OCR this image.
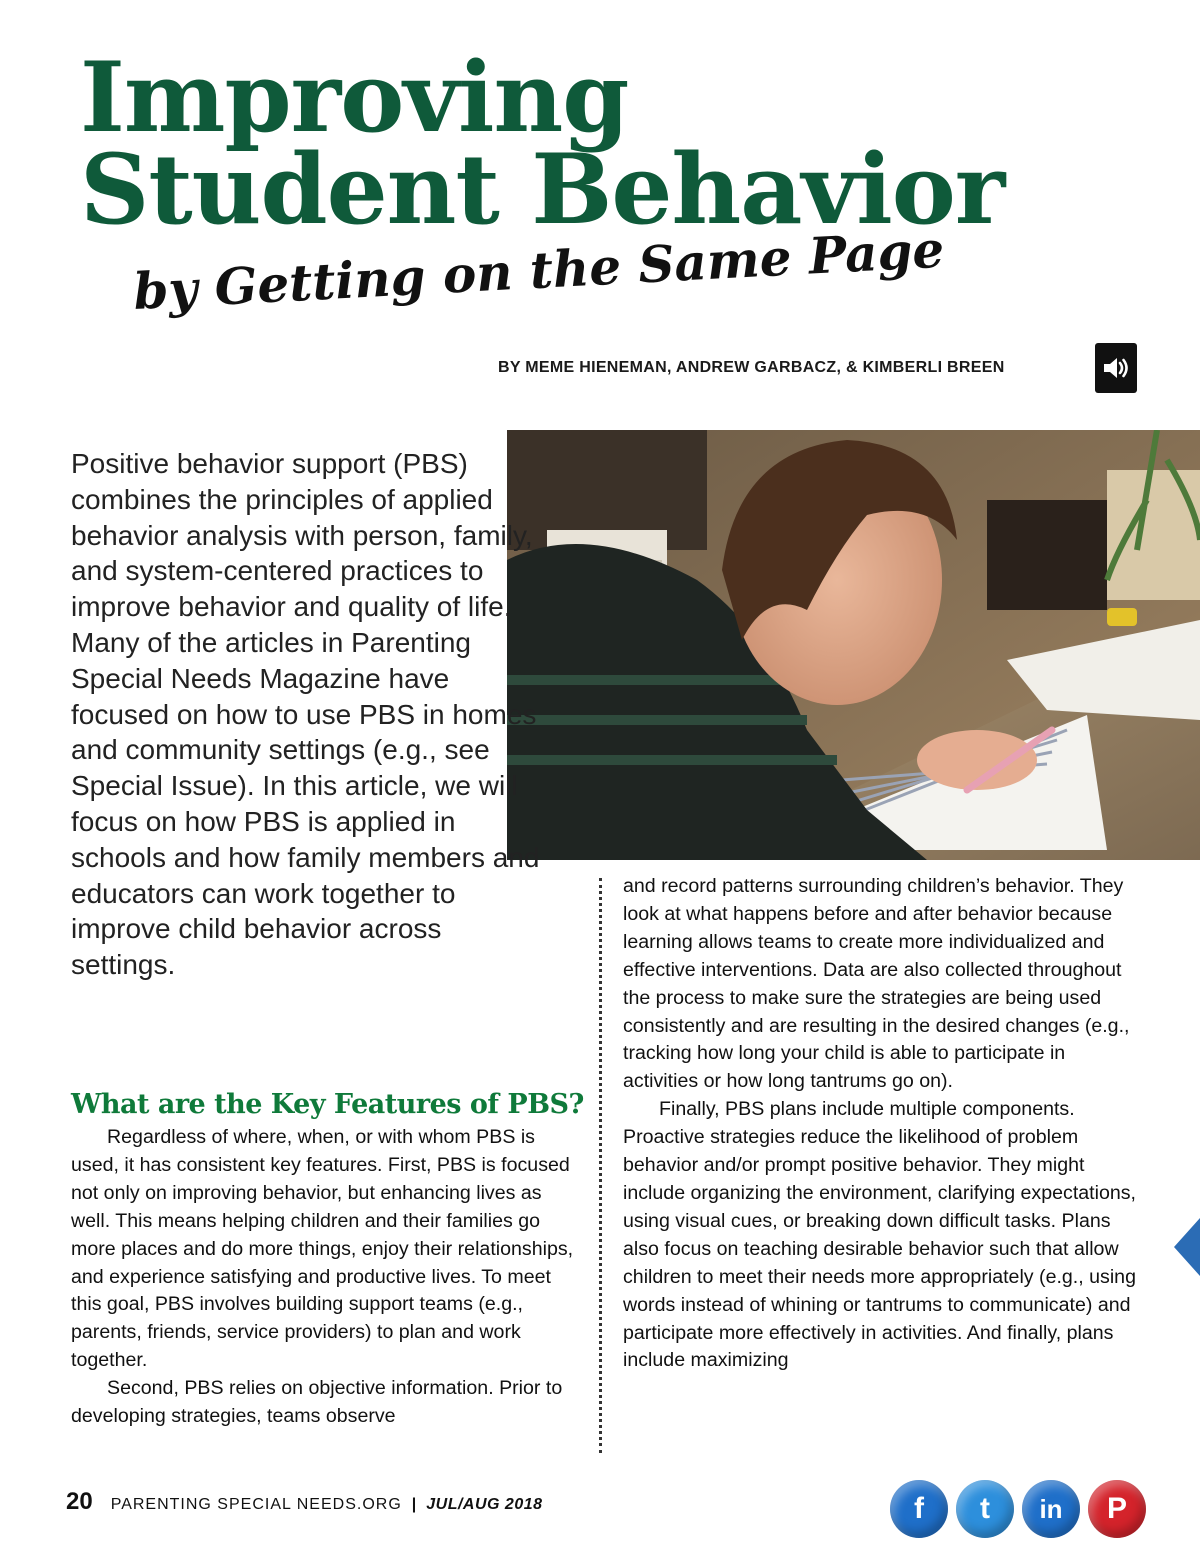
Improving
Student Behavior
by Getting on the Same Page
BY MEME HIENEMAN, ANDREW GARBACZ, & KIMBERLI BREEN

Positive behavior support (PBS) combines the principles of applied behavior analysis with person, family, and system-centered practices to improve behavior and quality of life. Many of the articles in Parenting Special Needs Magazine have focused on how to use PBS in homes and community settings (e.g., see Special Issue). In this article, we will focus on how PBS is applied in schools and how family members and educators can work together to improve child behavior across settings.

What are the Key Features of PBS?

Regardless of where, when, or with whom PBS is used, it has consistent key features. First, PBS is focused not only on improving behavior, but enhancing lives as well. This means helping children and their families go more places and do more things, enjoy their relationships, and experience satisfying and productive lives. To meet this goal, PBS involves building support teams (e.g., parents, friends, service providers) to plan and work together.

Second, PBS relies on objective information. Prior to developing strategies, teams observe

and record patterns surrounding children’s behavior. They look at what happens before and after behavior because learning allows teams to create more individualized and effective interventions. Data are also collected throughout the process to make sure the strategies are being used consistently and are resulting in the desired changes (e.g., tracking how long your child is able to participate in activities or how long tantrums go on).

Finally, PBS plans include multiple components. Proactive strategies reduce the likelihood of problem behavior and/or prompt positive behavior. They might include organizing the environment, clarifying expectations, using visual cues, or breaking down difficult tasks. Plans also focus on teaching desirable behavior such that allow children to meet their needs more appropriately (e.g., using words instead of whining or tantrums to communicate) and participate more effectively in activities. And finally, plans include maximizing

20 PARENTING SPECIAL NEEDS.ORG | JUL/AUG 2018	f t in P
